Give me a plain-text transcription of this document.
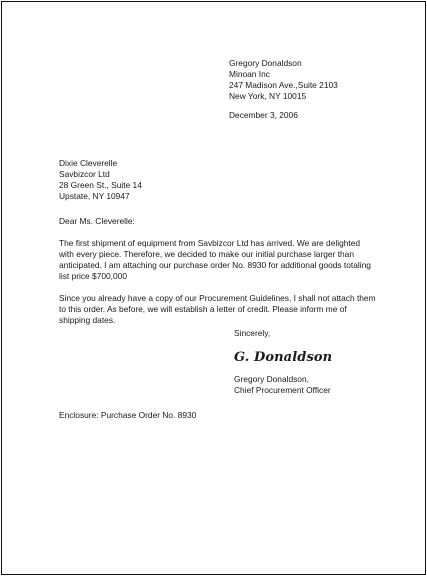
Gregory Donaldson
Minoan Inc
247 Madison Ave.,Suite 2103
New York, NY 10015
December 3, 2006
Dixie Cleverelle
Savbizcor Ltd
28 Green St., Suite 14
Upstate, NY 10947
Dear Ms. Cleverelle:
The first shipment of equipment from Savbizcor Ltd has arrived. We are delighted
with every piece. Therefore, we decided to make our initial purchase larger than
anticipated. I am attaching our purchase order No. 8930 for additional goods totaling
list price $700,000
Since you already have a copy of our Procurement Guidelines, I shall not attach them
to this order. As before, we will establish a letter of credit. Please inform me of
shipping dates.
Sincerely,
G. Donaldson
Gregory Donaldson,
Chief Procurement Officer
Enclosure: Purchase Order No. 8930
